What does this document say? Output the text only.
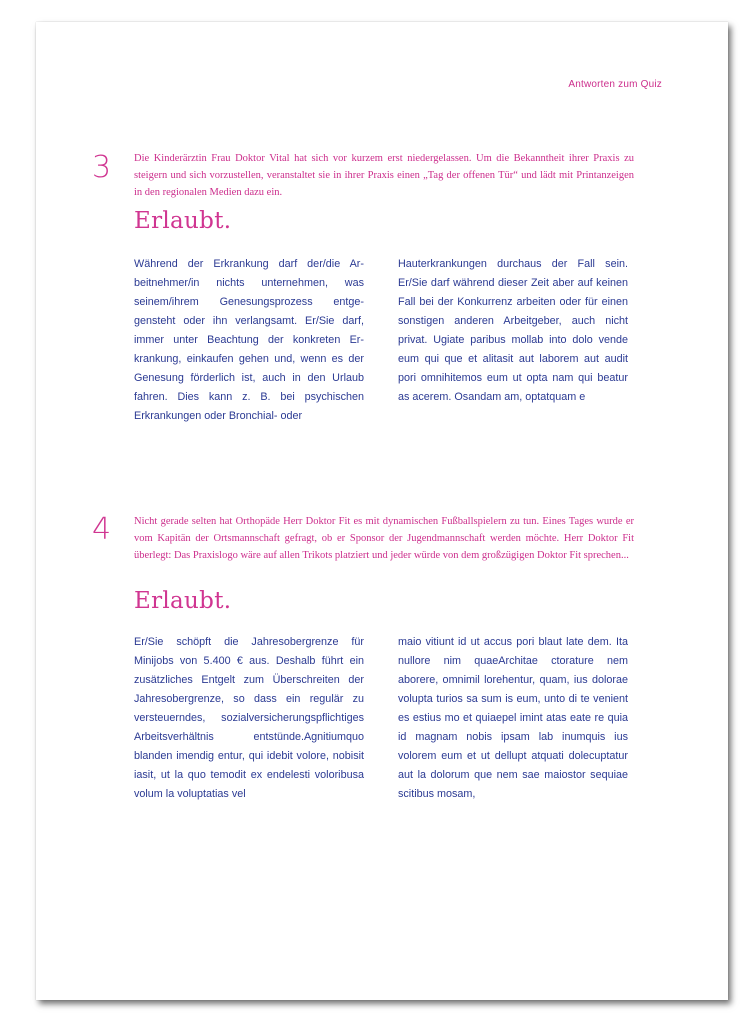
Antworten zum Quiz
3 Die Kinderärztin Frau Doktor Vital hat sich vor kurzem erst niedergelassen. Um die Bekanntheit ihrer Praxis zu steigern und sich vorzustellen, veranstaltet sie in ihrer Praxis einen „Tag der offenen Tür“ und lädt mit Printanzeigen in den regionalen Medien dazu ein.

Erlaubt.

Während der Erkrankung darf der/die Arbeitnehmer/in nichts unternehmen, was seinem/ihrem Genesungsprozess entgegensteht oder ihn verlangsamt. Er/Sie darf, immer unter Beachtung der konkreten Erkrankung, einkaufen gehen und, wenn es der Genesung förderlich ist, auch in den Urlaub fahren. Dies kann z. B. bei psychischen Erkrankungen oder Bronchial- oder

Hauterkrankungen durchaus der Fall sein. Er/Sie darf während dieser Zeit aber auf keinen Fall bei der Konkurrenz arbeiten oder für einen sonstigen anderen Arbeitgeber, auch nicht privat. Ugiate paribus mollab into dolo vende eum qui que et alitasit aut laborem aut audit pori omnihitemos eum ut opta nam qui beatur as acerem. Osandam am, optatquam e

4 Nicht gerade selten hat Orthopäde Herr Doktor Fit es mit dynamischen Fußballspielern zu tun. Eines Tages wurde er vom Kapitän der Ortsmannschaft gefragt, ob er Sponsor der Jugendmannschaft werden möchte. Herr Doktor Fit überlegt: Das Praxislogo wäre auf allen Trikots platziert und jeder würde von dem großzügigen Doktor Fit sprechen...

Erlaubt.

Er/Sie schöpft die Jahresobergrenze für Minijobs von 5.400 € aus. Deshalb führt ein zusätzliches Entgelt zum Überschreiten der Jahresobergrenze, so dass ein regulär zu versteuerndes, sozialversicherungspflichtiges Arbeitsverhältnis entstünde.Agnitiumquo blanden imendig entur, qui idebit volore, nobisit iasit, ut la quo temodit ex endelesti voloribusa volum la voluptatias vel

maio vitiunt id ut accus pori blaut late dem. Ita nullore nim quaeArchitae ctorature nem aborere, omnimil lorehentur, quam, ius dolorae volupta turios sa sum is eum, unto di te venient es estius mo et quiaepel imint atas eate re quia id magnam nobis ipsam lab inumquis ius volorem eum et ut dellupt atquati dolecuptatur aut la dolorum que nem sae maiostor sequiae scitibus mosam,
